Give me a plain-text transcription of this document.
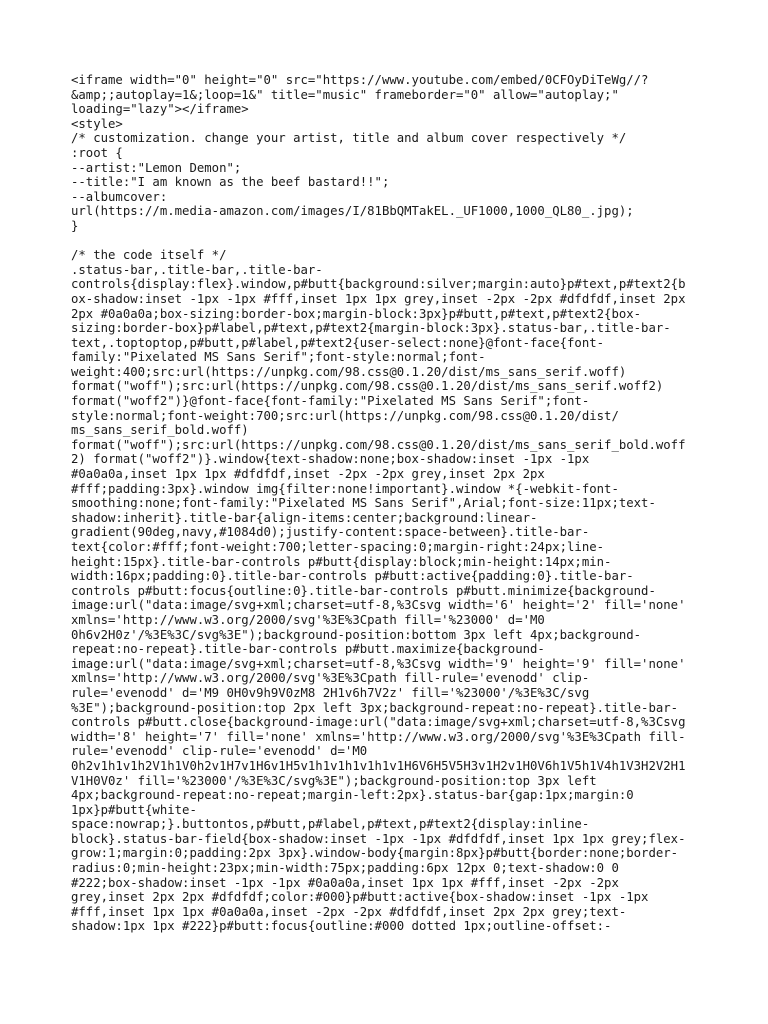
<iframe width="0" height="0" src="https://www.youtube.com/embed/0CFOyDiTeWg//?
&amp;;autoplay=1&;loop=1&" title="music" frameborder="0" allow="autoplay;"
loading="lazy"></iframe>
<style>
/* customization. change your artist, title and album cover respectively */
:root {
--artist:"Lemon Demon";
--title:"I am known as the beef bastard!!";
--albumcover:
url(https://m.media-amazon.com/images/I/81BbQMTakEL._UF1000,1000_QL80_.jpg);
}
/* the code itself */
.status-bar,.title-bar,.title-bar-
controls{display:flex}.window,p#butt{background:silver;margin:auto}p#text,p#text2{b
ox-shadow:inset -1px -1px #fff,inset 1px 1px grey,inset -2px -2px #dfdfdf,inset 2px
2px #0a0a0a;box-sizing:border-box;margin-block:3px}p#butt,p#text,p#text2{box-
sizing:border-box}p#label,p#text,p#text2{margin-block:3px}.status-bar,.title-bar-
text,.toptoptop,p#butt,p#label,p#text2{user-select:none}@font-face{font-
family:"Pixelated MS Sans Serif";font-style:normal;font-
weight:400;src:url(https://unpkg.com/98.css@0.1.20/dist/ms_sans_serif.woff)
format("woff");src:url(https://unpkg.com/98.css@0.1.20/dist/ms_sans_serif.woff2)
format("woff2")}@font-face{font-family:"Pixelated MS Sans Serif";font-
style:normal;font-weight:700;src:url(https://unpkg.com/98.css@0.1.20/dist/
ms_sans_serif_bold.woff)
format("woff");src:url(https://unpkg.com/98.css@0.1.20/dist/ms_sans_serif_bold.woff
2) format("woff2")}.window{text-shadow:none;box-shadow:inset -1px -1px
#0a0a0a,inset 1px 1px #dfdfdf,inset -2px -2px grey,inset 2px 2px
#fff;padding:3px}.window img{filter:none!important}.window *{-webkit-font-
smoothing:none;font-family:"Pixelated MS Sans Serif",Arial;font-size:11px;text-
shadow:inherit}.title-bar{align-items:center;background:linear-
gradient(90deg,navy,#1084d0);justify-content:space-between}.title-bar-
text{color:#fff;font-weight:700;letter-spacing:0;margin-right:24px;line-
height:15px}.title-bar-controls p#butt{display:block;min-height:14px;min-
width:16px;padding:0}.title-bar-controls p#butt:active{padding:0}.title-bar-
controls p#butt:focus{outline:0}.title-bar-controls p#butt.minimize{background-
image:url("data:image/svg+xml;charset=utf-8,%3Csvg width='6' height='2' fill='none'
xmlns='http://www.w3.org/2000/svg'%3E%3Cpath fill='%23000' d='M0
0h6v2H0z'/%3E%3C/svg%3E");background-position:bottom 3px left 4px;background-
repeat:no-repeat}.title-bar-controls p#butt.maximize{background-
image:url("data:image/svg+xml;charset=utf-8,%3Csvg width='9' height='9' fill='none'
xmlns='http://www.w3.org/2000/svg'%3E%3Cpath fill-rule='evenodd' clip-
rule='evenodd' d='M9 0H0v9h9V0zM8 2H1v6h7V2z' fill='%23000'/%3E%3C/svg
%3E");background-position:top 2px left 3px;background-repeat:no-repeat}.title-bar-
controls p#butt.close{background-image:url("data:image/svg+xml;charset=utf-8,%3Csvg
width='8' height='7' fill='none' xmlns='http://www.w3.org/2000/svg'%3E%3Cpath fill-
rule='evenodd' clip-rule='evenodd' d='M0
0h2v1h1v1h2V1h1V0h2v1H7v1H6v1H5v1h1v1h1v1h1v1H6V6H5V5H3v1H2v1H0V6h1V5h1V4h1V3H2V2H1
V1H0V0z' fill='%23000'/%3E%3C/svg%3E");background-position:top 3px left
4px;background-repeat:no-repeat;margin-left:2px}.status-bar{gap:1px;margin:0
1px}p#butt{white-
space:nowrap;}.buttontos,p#butt,p#label,p#text,p#text2{display:inline-
block}.status-bar-field{box-shadow:inset -1px -1px #dfdfdf,inset 1px 1px grey;flex-
grow:1;margin:0;padding:2px 3px}.window-body{margin:8px}p#butt{border:none;border-
radius:0;min-height:23px;min-width:75px;padding:6px 12px 0;text-shadow:0 0
#222;box-shadow:inset -1px -1px #0a0a0a,inset 1px 1px #fff,inset -2px -2px
grey,inset 2px 2px #dfdfdf;color:#000}p#butt:active{box-shadow:inset -1px -1px
#fff,inset 1px 1px #0a0a0a,inset -2px -2px #dfdfdf,inset 2px 2px grey;text-
shadow:1px 1px #222}p#butt:focus{outline:#000 dotted 1px;outline-offset:-
